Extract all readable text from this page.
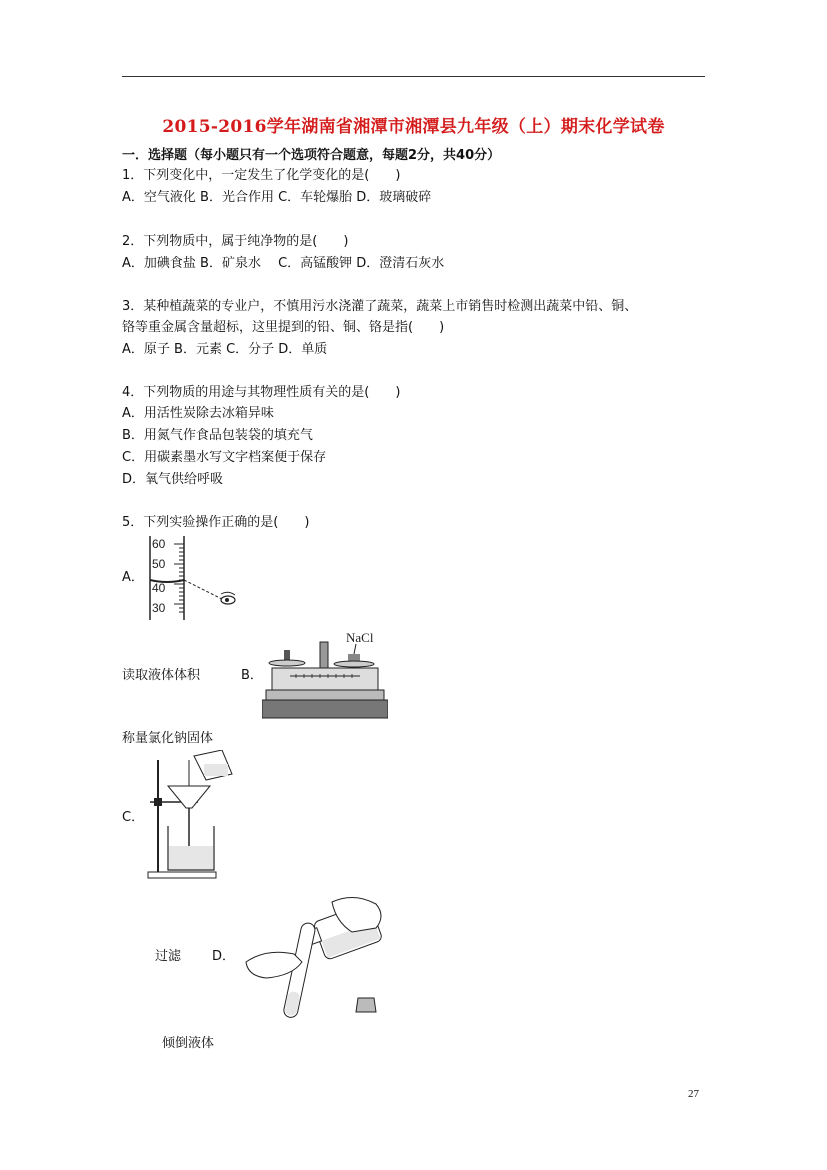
2015-2016学年湖南省湘潭市湘潭县九年级（上）期末化学试卷
一．选择题（每小题只有一个选项符合题意，每题2分，共40分）
1．下列变化中，一定发生了化学变化的是(　　)
A．空气液化 B．光合作用 C．车轮爆胎 D．玻璃破碎
2．下列物质中，属于纯净物的是(　　)
A．加碘食盐 B．矿泉水　 C．高锰酸钾 D．澄清石灰水
3．某种植蔬菜的专业户，不慎用污水浇灌了蔬菜，蔬菜上市销售时检测出蔬菜中铅、铜、
铬等重金属含量超标，这里提到的铅、铜、铬是指(　　)
A．原子 B．元素 C．分子 D．单质
4．下列物质的用途与其物理性质有关的是(　　)
A．用活性炭除去冰箱异味
B．用氮气作食品包装袋的填充气
C．用碳素墨水写文字档案便于保存
D．氧气供给呼吸
5．下列实验操作正确的是(　　)
A．
60
50
40
30
读取液体体积	B．
NaCl
称量氯化钠固体
C．
过滤 D．
倾倒液体
27
